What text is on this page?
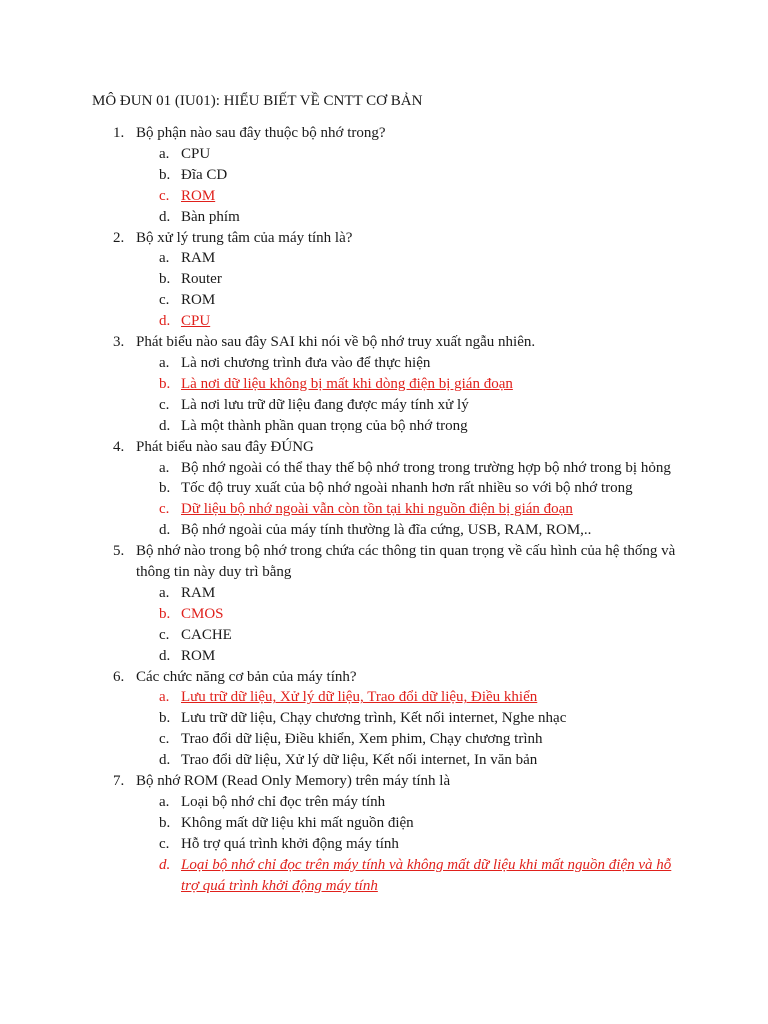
MÔ ĐUN 01 (IU01): HIỂU BIẾT VỀ CNTT CƠ BẢN
1. Bộ phận nào sau đây thuộc bộ nhớ trong?
a. CPU
b. Đĩa CD
c. ROM
d. Bàn phím
2. Bộ xử lý trung tâm của máy tính là?
a. RAM
b. Router
c. ROM
d. CPU
3. Phát biểu nào sau đây SAI khi nói về bộ nhớ truy xuất ngẫu nhiên.
a. Là nơi chương trình đưa vào để thực hiện
b. Là nơi dữ liệu không bị mất khi dòng điện bị gián đoạn
c. Là nơi lưu trữ dữ liệu đang được máy tính xử lý
d. Là một thành phần quan trọng của bộ nhớ trong
4. Phát biểu nào sau đây ĐÚNG
a. Bộ nhớ ngoài có thể thay thế bộ nhớ trong trong trường hợp bộ nhớ trong bị hỏng
b. Tốc độ truy xuất của bộ nhớ ngoài nhanh hơn rất nhiều so với bộ nhớ trong
c. Dữ liệu bộ nhớ ngoài vẫn còn tồn tại khi nguồn điện bị gián đoạn
d. Bộ nhớ ngoài của máy tính thường là đĩa cứng, USB, RAM, ROM,..
5. Bộ nhớ nào trong bộ nhớ trong chứa các thông tin quan trọng về cấu hình của hệ thống và thông tin này duy trì bằng
a. RAM
b. CMOS
c. CACHE
d. ROM
6. Các chức năng cơ bản của máy tính?
a. Lưu trữ dữ liệu, Xử lý dữ liệu, Trao đổi dữ liệu, Điều khiển
b. Lưu trữ dữ liệu, Chạy chương trình, Kết nối internet, Nghe nhạc
c. Trao đổi dữ liệu, Điều khiển, Xem phim, Chạy chương trình
d. Trao đổi dữ liệu, Xử lý dữ liệu, Kết nối internet, In văn bản
7. Bộ nhớ ROM (Read Only Memory) trên máy tính là
a. Loại bộ nhớ chỉ đọc trên máy tính
b. Không mất dữ liệu khi mất nguồn điện
c. Hỗ trợ quá trình khởi động máy tính
d. Loại bộ nhớ chỉ đọc trên máy tính và không mất dữ liệu khi mất nguồn điện và hỗ trợ quá trình khởi động máy tính
